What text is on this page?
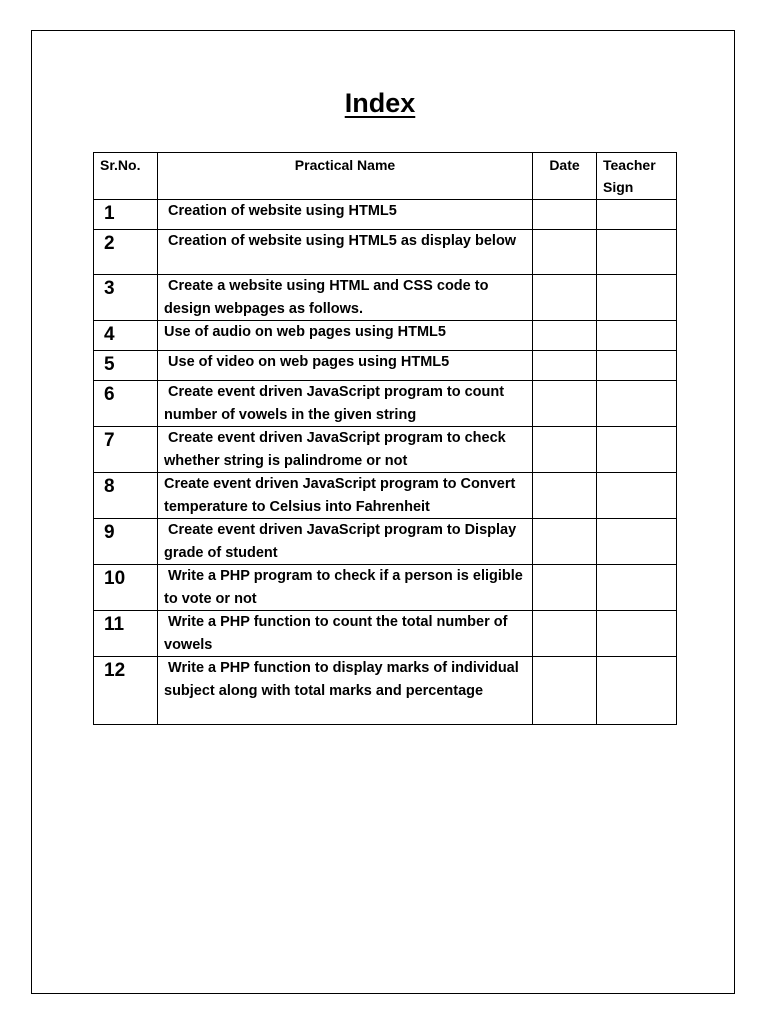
Index
Sr.No.	Practical Name	Date	Teacher Sign
1	Creation of website using HTML5		
2	Creation of website using HTML5 as display below		
3	Create a website using HTML and CSS code to design webpages as follows.		
4	Use of audio on web pages using HTML5		
5	Use of video on web pages using HTML5		
6	Create event driven JavaScript program to count number of vowels in the given string		
7	Create event driven JavaScript program to check whether string is palindrome or not		
8	Create event driven JavaScript program to Convert temperature to Celsius into Fahrenheit		
9	Create event driven JavaScript program to Display grade of student		
10	Write a PHP program to check if a person is eligible to vote or not		
11	Write a PHP function to count the total number of vowels		
12	Write a PHP function to display marks of individual subject along with total marks and percentage		
